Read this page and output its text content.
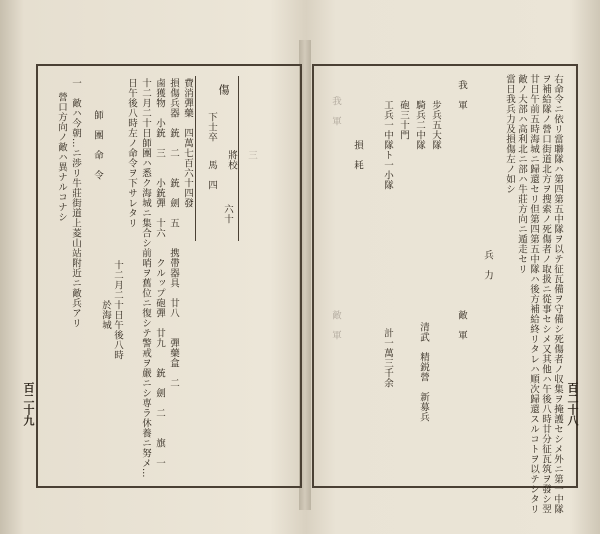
百二十八
右命令ニ依リ當聯隊ハ第四第五中隊ヲ以テ征瓦備ヲ守備シ死傷者ノ収集ヲ掩護セシメ外ニ第一中隊
ヲ補給隊ノ營口街道北方ヲ搜索ノ死傷者ノ取扱ニ從事セシメ又其他ハ午後八時廿分征瓦筑ヲ發シ翌
廿日午前五時海城ニ歸還セリ但第四第五中隊ハ後方補給終リタレハ順次歸還スルコトヲ以テシタリ
敵ノ大部ハ高利北ニ部ハ牛莊方向ニ遁走セリ
當日我兵力及損傷左ノ如シ
兵　力
我　軍
步兵五大隊
騎兵二中隊
砲三十門
工兵一中隊ト一小隊
敵　軍
清武　精鋭營　新募兵
計一萬三千余
損　耗
我　軍
敵　軍
百二十九
傷
下士卒
馬　四 將校
六十
三
費消彈藥　四萬七百六十四發
損傷兵器　銃　二　　銃　劍　五　　携帶器具　廿八　　彈藥盒　二
鹵獲物　小銃　三　　小銃彈　十六　　クルップ砲彈　廿九　　銃　劍　二　　旗　一
十二月二十日師團ハ悉ク海城ニ集合シ前哨ヲ舊位ニ復シテ警戒ヲ嚴ニシ専ラ休養ニ努メ…
日午後八時左ノ命令ヲ下サレタリ
十二月二十日午後八時
於海城
師　團　命　令
一　敵ハ今朝…ニ渉リ牛莊街道上菱山站附近ニ敵兵アリ
營口方向ノ敵ハ異ナルコナシ
